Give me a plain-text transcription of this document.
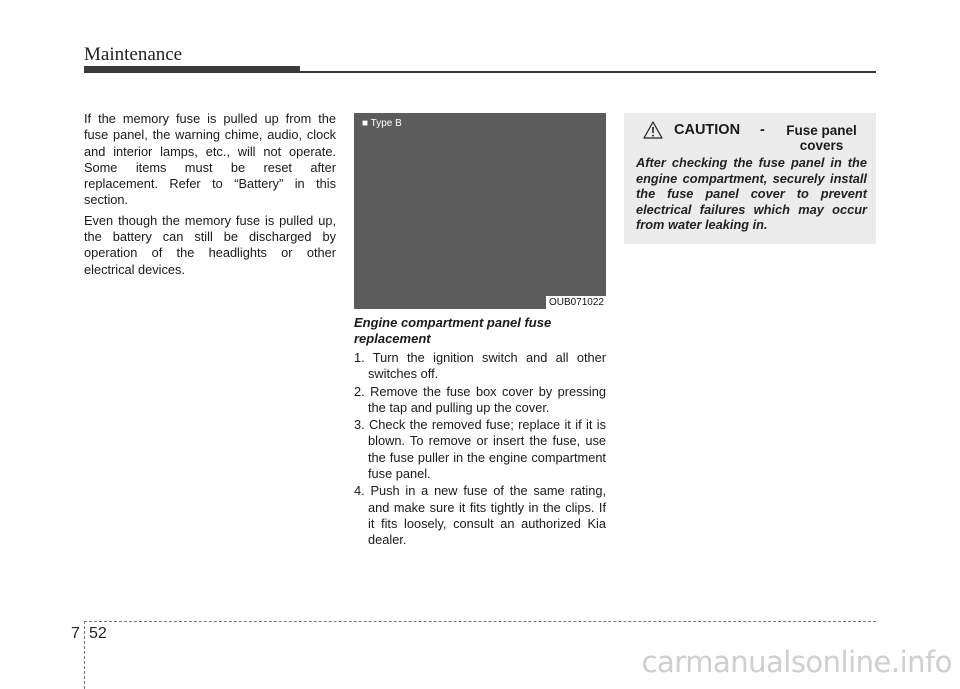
Maintenance

If the memory fuse is pulled up from the fuse panel, the warning chime, audio, clock and interior lamps, etc., will not operate. Some items must be reset after replacement. Refer to “Battery” in this section.

Even though the memory fuse is pulled up, the battery can still be discharged by operation of the headlights or other electrical devices.

■ Type B
OUB071022

Engine compartment panel fuse replacement

1. Turn the ignition switch and all other switches off.
2. Remove the fuse box cover by pressing the tap and pulling up the cover.
3. Check the removed fuse; replace it if it is blown. To remove or insert the fuse, use the fuse puller in the engine compartment fuse panel.
4. Push in a new fuse of the same rating, and make sure it fits tightly in the clips. If it fits loosely, consult an authorized Kia dealer.
CAUTION -	Fuse panel covers

After checking the fuse panel in the engine compartment, securely install the fuse panel cover to prevent electrical failures which may occur from water leaking in.

7 52
carmanualsonline.info
